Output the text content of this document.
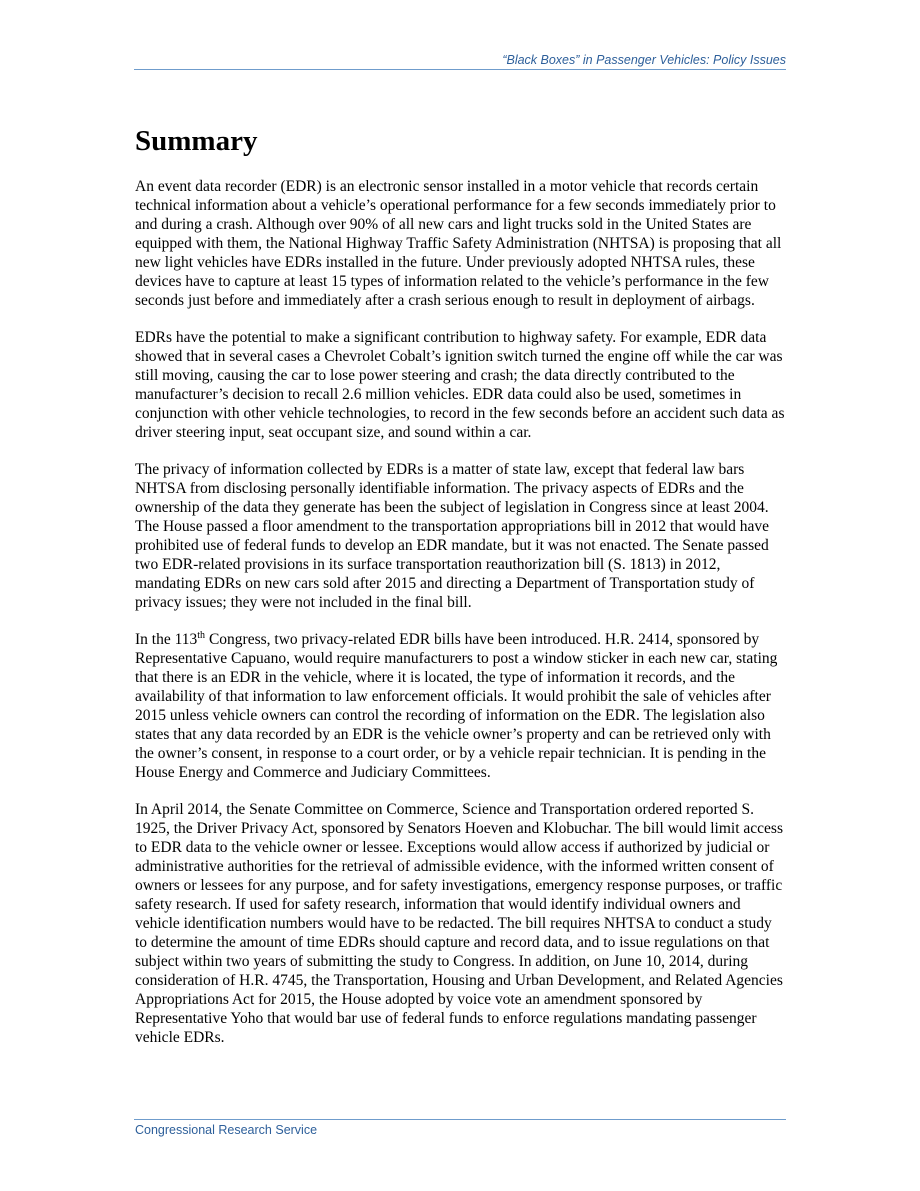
“Black Boxes” in Passenger Vehicles: Policy Issues
Summary

An event data recorder (EDR) is an electronic sensor installed in a motor vehicle that records certain technical information about a vehicle’s operational performance for a few seconds immediately prior to and during a crash. Although over 90% of all new cars and light trucks sold in the United States are equipped with them, the National Highway Traffic Safety Administration (NHTSA) is proposing that all new light vehicles have EDRs installed in the future. Under previously adopted NHTSA rules, these devices have to capture at least 15 types of information related to the vehicle’s performance in the few seconds just before and immediately after a crash serious enough to result in deployment of airbags.

EDRs have the potential to make a significant contribution to highway safety. For example, EDR data showed that in several cases a Chevrolet Cobalt’s ignition switch turned the engine off while the car was still moving, causing the car to lose power steering and crash; the data directly contributed to the manufacturer’s decision to recall 2.6 million vehicles. EDR data could also be used, sometimes in conjunction with other vehicle technologies, to record in the few seconds before an accident such data as driver steering input, seat occupant size, and sound within a car.

The privacy of information collected by EDRs is a matter of state law, except that federal law bars NHTSA from disclosing personally identifiable information. The privacy aspects of EDRs and the ownership of the data they generate has been the subject of legislation in Congress since at least 2004. The House passed a floor amendment to the transportation appropriations bill in 2012 that would have prohibited use of federal funds to develop an EDR mandate, but it was not enacted. The Senate passed two EDR-related provisions in its surface transportation reauthorization bill (S. 1813) in 2012, mandating EDRs on new cars sold after 2015 and directing a Department of Transportation study of privacy issues; they were not included in the final bill.

In the 113th Congress, two privacy-related EDR bills have been introduced. H.R. 2414, sponsored by Representative Capuano, would require manufacturers to post a window sticker in each new car, stating that there is an EDR in the vehicle, where it is located, the type of information it records, and the availability of that information to law enforcement officials. It would prohibit the sale of vehicles after 2015 unless vehicle owners can control the recording of information on the EDR. The legislation also states that any data recorded by an EDR is the vehicle owner’s property and can be retrieved only with the owner’s consent, in response to a court order, or by a vehicle repair technician. It is pending in the House Energy and Commerce and Judiciary Committees.

In April 2014, the Senate Committee on Commerce, Science and Transportation ordered reported S. 1925, the Driver Privacy Act, sponsored by Senators Hoeven and Klobuchar. The bill would limit access to EDR data to the vehicle owner or lessee. Exceptions would allow access if authorized by judicial or administrative authorities for the retrieval of admissible evidence, with the informed written consent of owners or lessees for any purpose, and for safety investigations, emergency response purposes, or traffic safety research. If used for safety research, information that would identify individual owners and vehicle identification numbers would have to be redacted. The bill requires NHTSA to conduct a study to determine the amount of time EDRs should capture and record data, and to issue regulations on that subject within two years of submitting the study to Congress. In addition, on June 10, 2014, during consideration of H.R. 4745, the Transportation, Housing and Urban Development, and Related Agencies Appropriations Act for 2015, the House adopted by voice vote an amendment sponsored by Representative Yoho that would bar use of federal funds to enforce regulations mandating passenger vehicle EDRs.

Congressional Research Service
